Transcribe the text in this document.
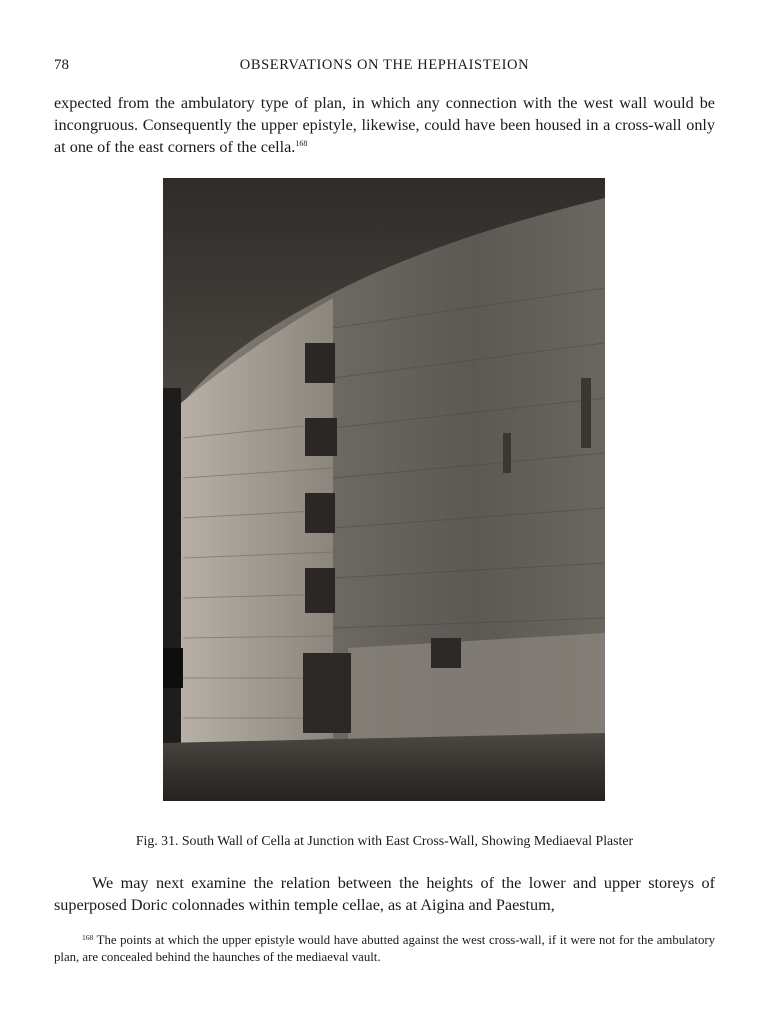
78	OBSERVATIONS ON THE HEPHAISTEION

expected from the ambulatory type of plan, in which any connection with the west wall would be incongruous. Consequently the upper epistyle, likewise, could have been housed in a cross-wall only at one of the east corners of the cella.$^{168}$

Fig. 31. South Wall of Cella at Junction with East Cross-Wall, Showing Mediaeval Plaster

We may next examine the relation between the heights of the lower and upper storeys of superposed Doric colonnades within temple cellae, as at Aigina and Paestum,

$^{168}$ The points at which the upper epistyle would have abutted against the west cross-wall, if it were not for the ambulatory plan, are concealed behind the haunches of the mediaeval vault.
